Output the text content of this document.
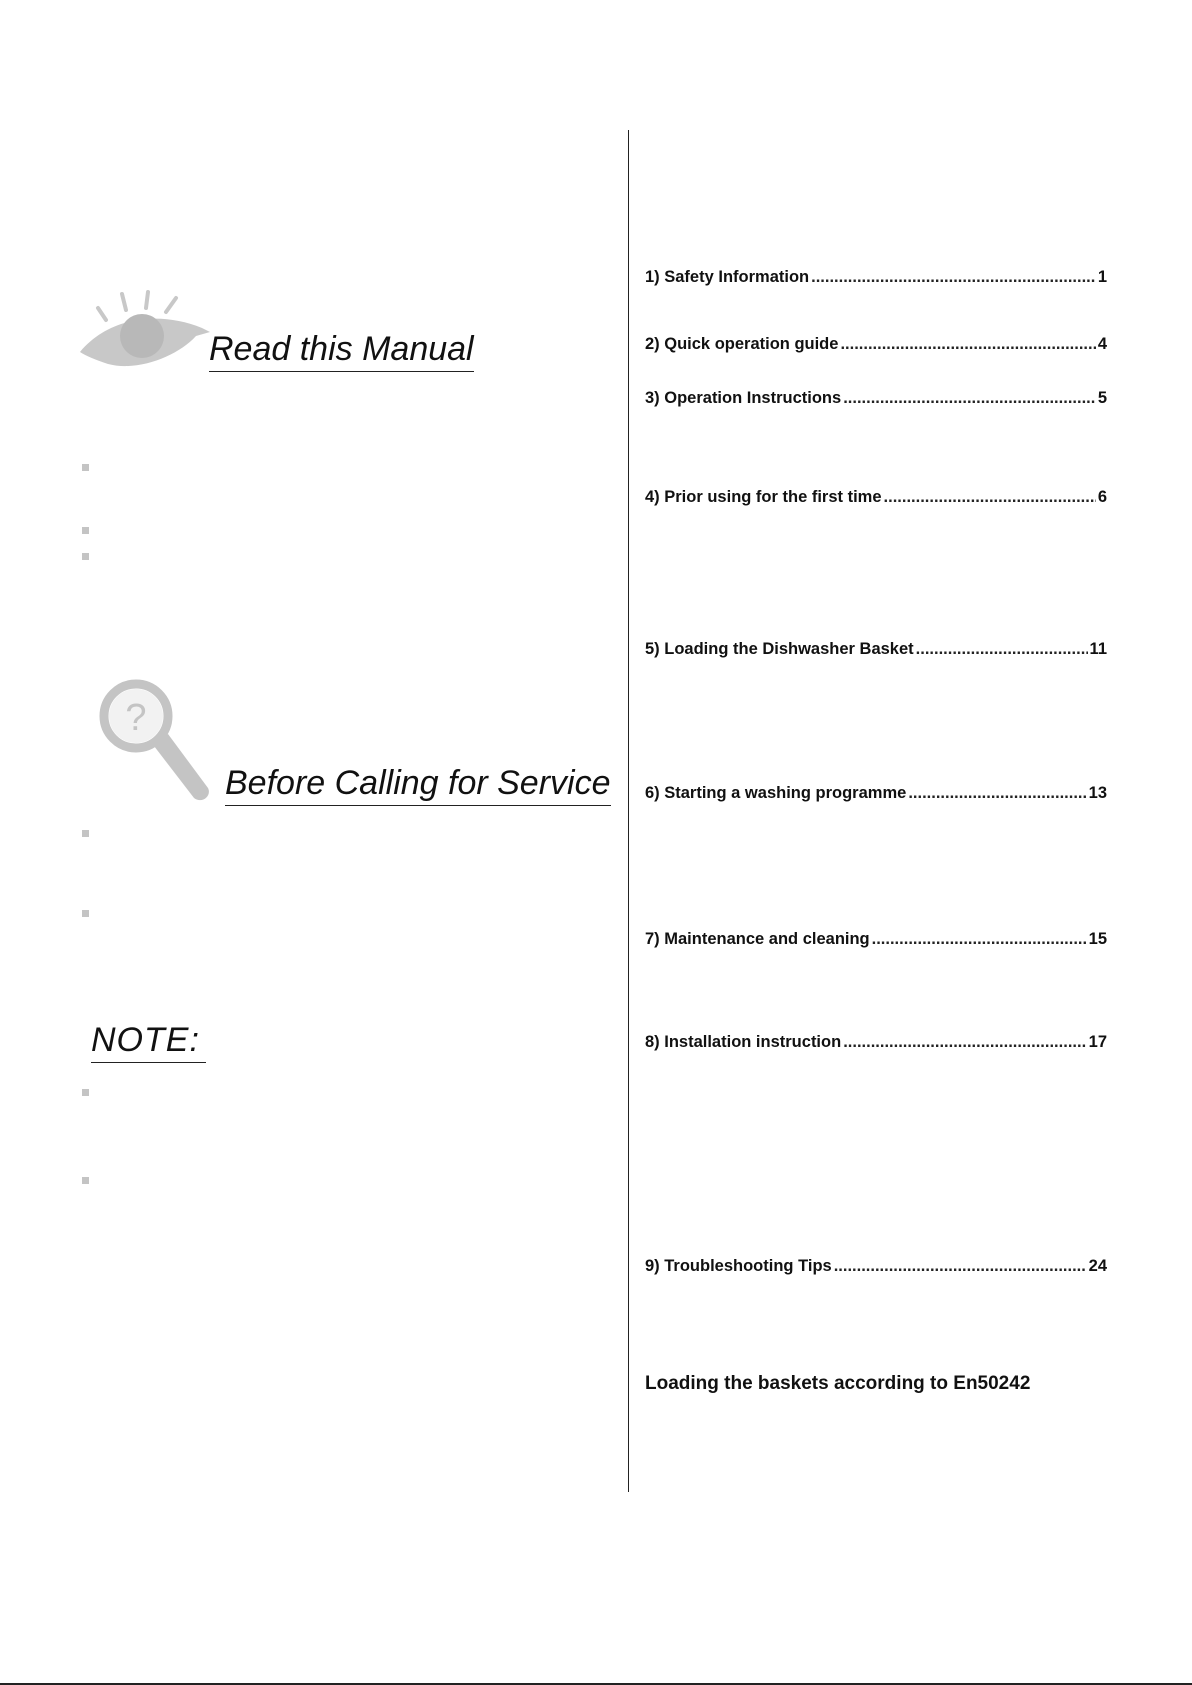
Read this Manual
?
Before Calling for Service
NOTE:
1) Safety Information .....	1
2) Quick operation guide .....	4
3) Operation Instructions .....	5
4) Prior using for the first time .....	6
5) Loading the Dishwasher Basket .....	11
6) Starting a washing programme .....	13
7) Maintenance and cleaning .....	15
8) Installation instruction .....	17
9) Troubleshooting Tips .....	24
Loading the baskets according to En50242
